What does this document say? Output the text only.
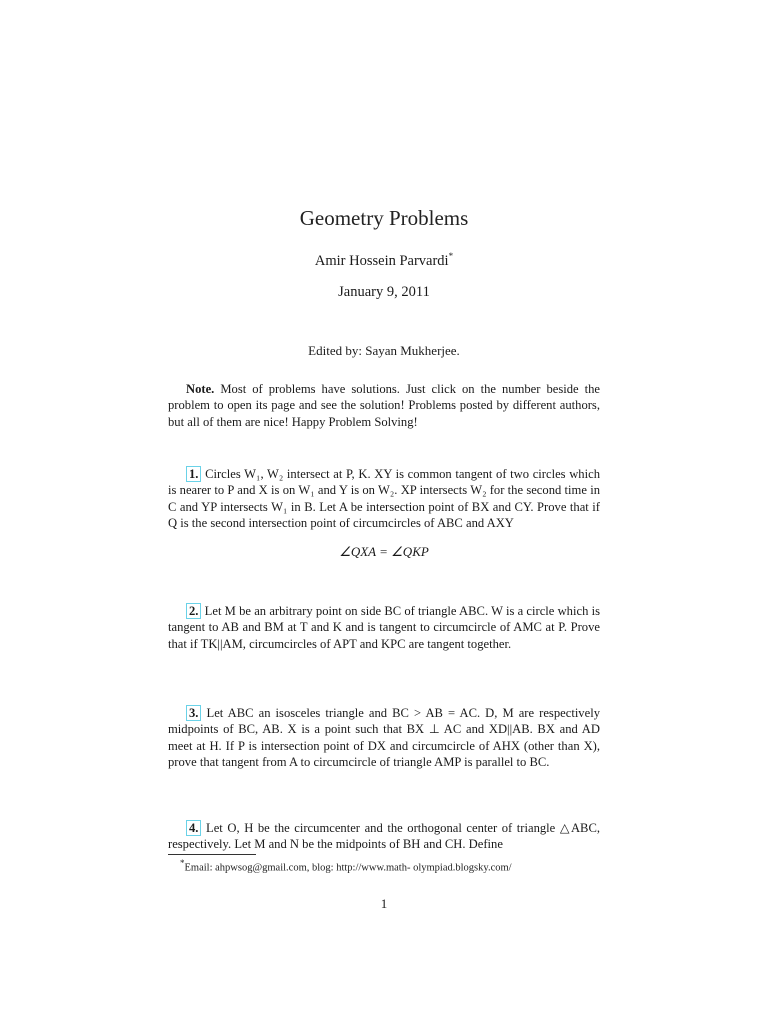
Geometry Problems
Amir Hossein Parvardi*
January 9, 2011
Edited by: Sayan Mukherjee.
Note. Most of problems have solutions. Just click on the number beside the problem to open its page and see the solution! Problems posted by different authors, but all of them are nice! Happy Problem Solving!
1. Circles W₁, W₂ intersect at P, K. XY is common tangent of two circles which is nearer to P and X is on W₁ and Y is on W₂. XP intersects W₂ for the second time in C and YP intersects W₁ in B. Let A be intersection point of BX and CY. Prove that if Q is the second intersection point of circumcircles of ABC and AXY
∠QXA = ∠QKP
2. Let M be an arbitrary point on side BC of triangle ABC. W is a circle which is tangent to AB and BM at T and K and is tangent to circumcircle of AMC at P. Prove that if TK||AM, circumcircles of APT and KPC are tangent together.
3. Let ABC an isosceles triangle and BC > AB = AC. D, M are respectively midpoints of BC, AB. X is a point such that BX ⊥ AC and XD||AB. BX and AD meet at H. If P is intersection point of DX and circumcircle of AHX (other than X), prove that tangent from A to circumcircle of triangle AMP is parallel to BC.
4. Let O, H be the circumcenter and the orthogonal center of triangle △ABC, respectively. Let M and N be the midpoints of BH and CH. Define
*Email: ahpwsog@gmail.com, blog: http://www.math- olympiad.blogsky.com/
1
